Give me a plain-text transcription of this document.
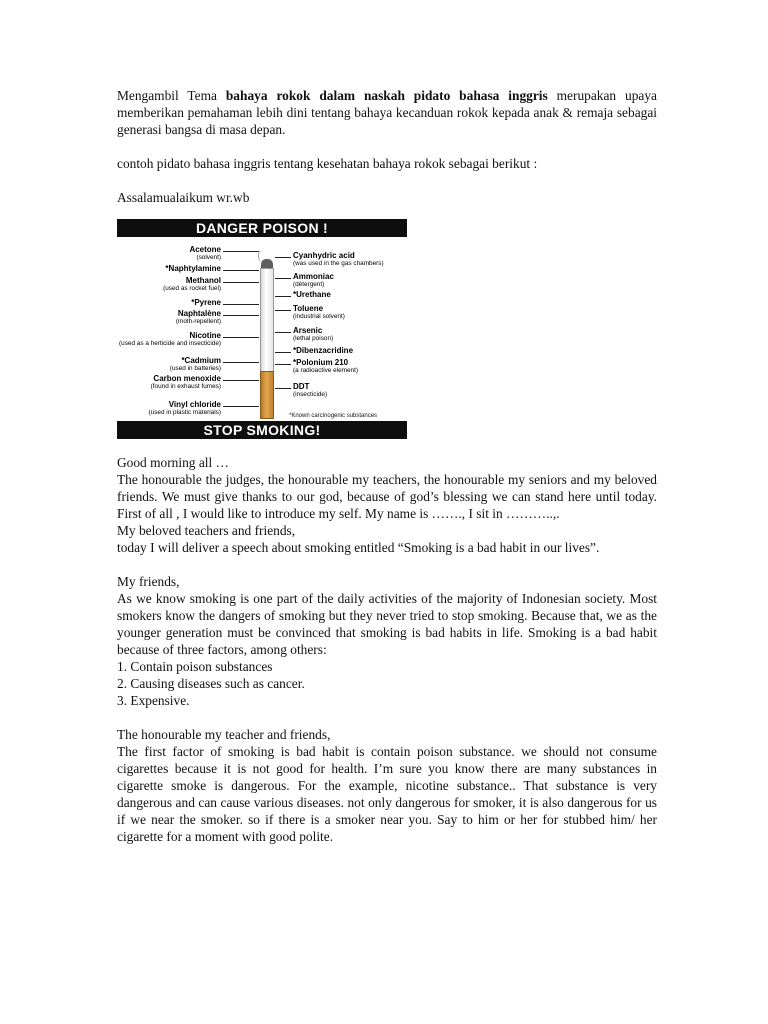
Mengambil Tema bahaya rokok dalam naskah pidato bahasa inggris merupakan upaya memberikan pemahaman lebih dini tentang bahaya kecanduan rokok kepada anak & remaja sebagai generasi bangsa di masa depan.

contoh pidato bahasa inggris tentang kesehatan bahaya rokok sebagai berikut :

Assalamualaikum wr.wb

DANGER POISON !
Acetone
(solvent)
*Naphtylamine
Methanol
(used as rocket fuel)
*Pyrene
Naphtalène
(moth-repellent)
Nicotine
(used as a herticide and insecticide)
*Cadmium
(used in batteries)
Carbon menoxide
(found in exhaust fumes)
Vinyl chloride
(used in plastic materials)
Cyanhydric acid
(was used in the gas chambers)
Ammoniac
(détergent)
*Urethane
Toluene
(industrial solvent)
Arsenic
(lethal poison)
*Dibenzacridine
*Polonium 210
(a radioactive element)
DDT
(insecticide)
*Known carcinogenic substances
STOP SMOKING!

Good morning all …

The honourable the judges, the honourable my teachers, the honourable my seniors and my beloved friends. We must give thanks to our god, because of god’s blessing we can stand here until today. First of all , I would like to introduce my self. My name is ……., I sit in ………..,.

My beloved teachers and friends,

today I will deliver a speech about smoking entitled “Smoking is a bad habit in our lives”.

My friends,

As we know smoking is one part of the daily activities of the majority of Indonesian society. Most smokers know the dangers of smoking but they never tried to stop smoking. Because that, we as the younger generation must be convinced that smoking is bad habits in life. Smoking is a bad habit because of three factors, among others:

1. Contain poison substances

2. Causing diseases such as cancer.

3. Expensive.

The honourable my teacher and friends,

The first factor of smoking is bad habit is contain poison substance. we should not consume cigarettes because it is not good for health. I’m sure you know there are many substances in cigarette smoke is dangerous. For the example, nicotine substance.. That substance is very dangerous and can cause various diseases. not only dangerous for smoker, it is also dangerous for us if we near the smoker. so if there is a smoker near you. Say to him or her for stubbed him/ her cigarette for a moment with good polite.
